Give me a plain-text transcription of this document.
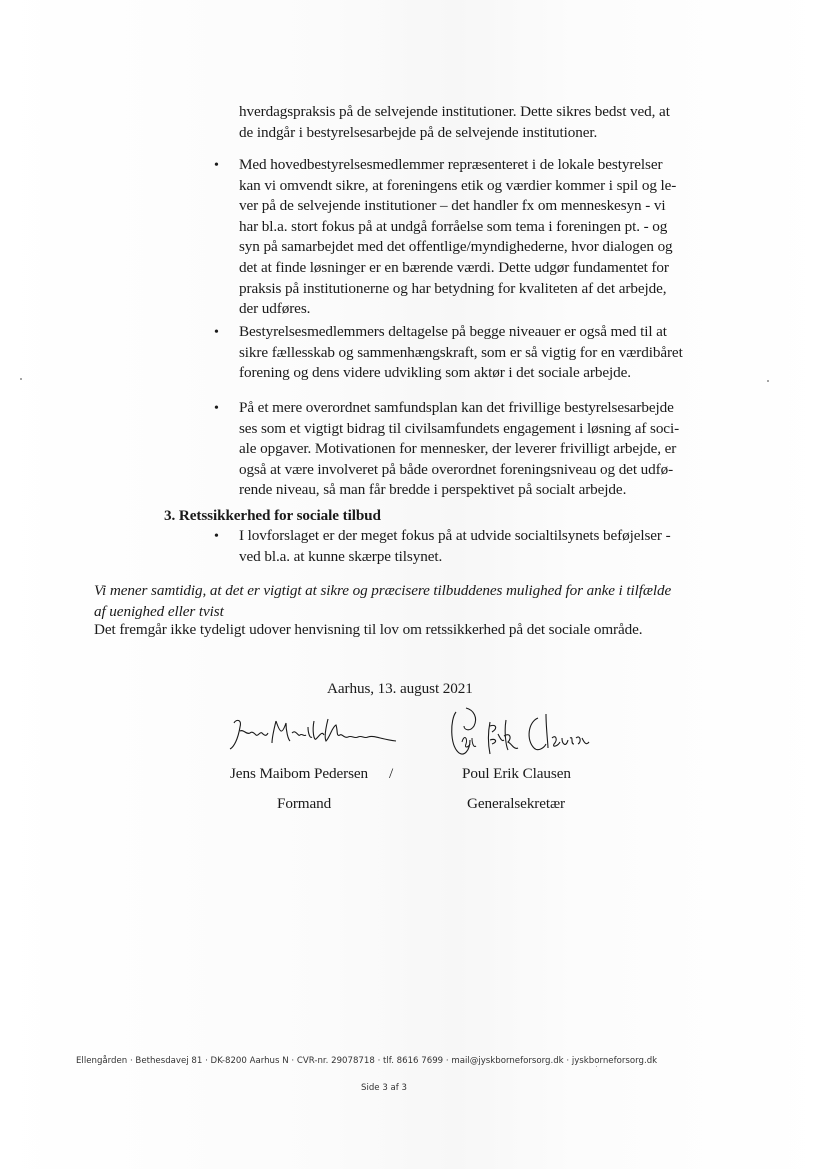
hverdagspraksis på de selvejende institutioner. Dette sikres bedst ved, at
de indgår i bestyrelsesarbejde på de selvejende institutioner.
• Med hovedbestyrelsesmedlemmer repræsenteret i de lokale bestyrelser
kan vi omvendt sikre, at foreningens etik og værdier kommer i spil og le-
ver på de selvejende institutioner – det handler fx om menneskesyn - vi
har bl.a. stort fokus på at undgå forråelse som tema i foreningen pt. - og
syn på samarbejdet med det offentlige/myndighederne, hvor dialogen og
det at finde løsninger er en bærende værdi. Dette udgør fundamentet for
praksis på institutionerne og har betydning for kvaliteten af det arbejde,
der udføres.
• Bestyrelsesmedlemmers deltagelse på begge niveauer er også med til at
sikre fællesskab og sammenhængskraft, som er så vigtig for en værdibåret
forening og dens videre udvikling som aktør i det sociale arbejde.
• På et mere overordnet samfundsplan kan det frivillige bestyrelsesarbejde
ses som et vigtigt bidrag til civilsamfundets engagement i løsning af soci-
ale opgaver. Motivationen for mennesker, der leverer frivilligt arbejde, er
også at være involveret på både overordnet foreningsniveau og det udfø-
rende niveau, så man får bredde i perspektivet på socialt arbejde.
3. Retssikkerhed for sociale tilbud
• I lovforslaget er der meget fokus på at udvide socialtilsynets beføjelser -
ved bl.a. at kunne skærpe tilsynet.
Vi mener samtidig, at det er vigtigt at sikre og præcisere tilbuddenes mulighed for anke i tilfælde
af uenighed eller tvist
Det fremgår ikke tydeligt udover henvisning til lov om retssikkerhed på det sociale område.
Aarhus, 13. august 2021
Jens Maibom Pedersen /	Poul Erik Clausen
Formand	Generalsekretær
Ellengården · Bethesdavej 81 · DK-8200 Aarhus N · CVR-nr. 29078718 · tlf. 8616 7699 · mail@jyskborneforsorg.dk · jyskborneforsorg.dk
Side 3 af 3
